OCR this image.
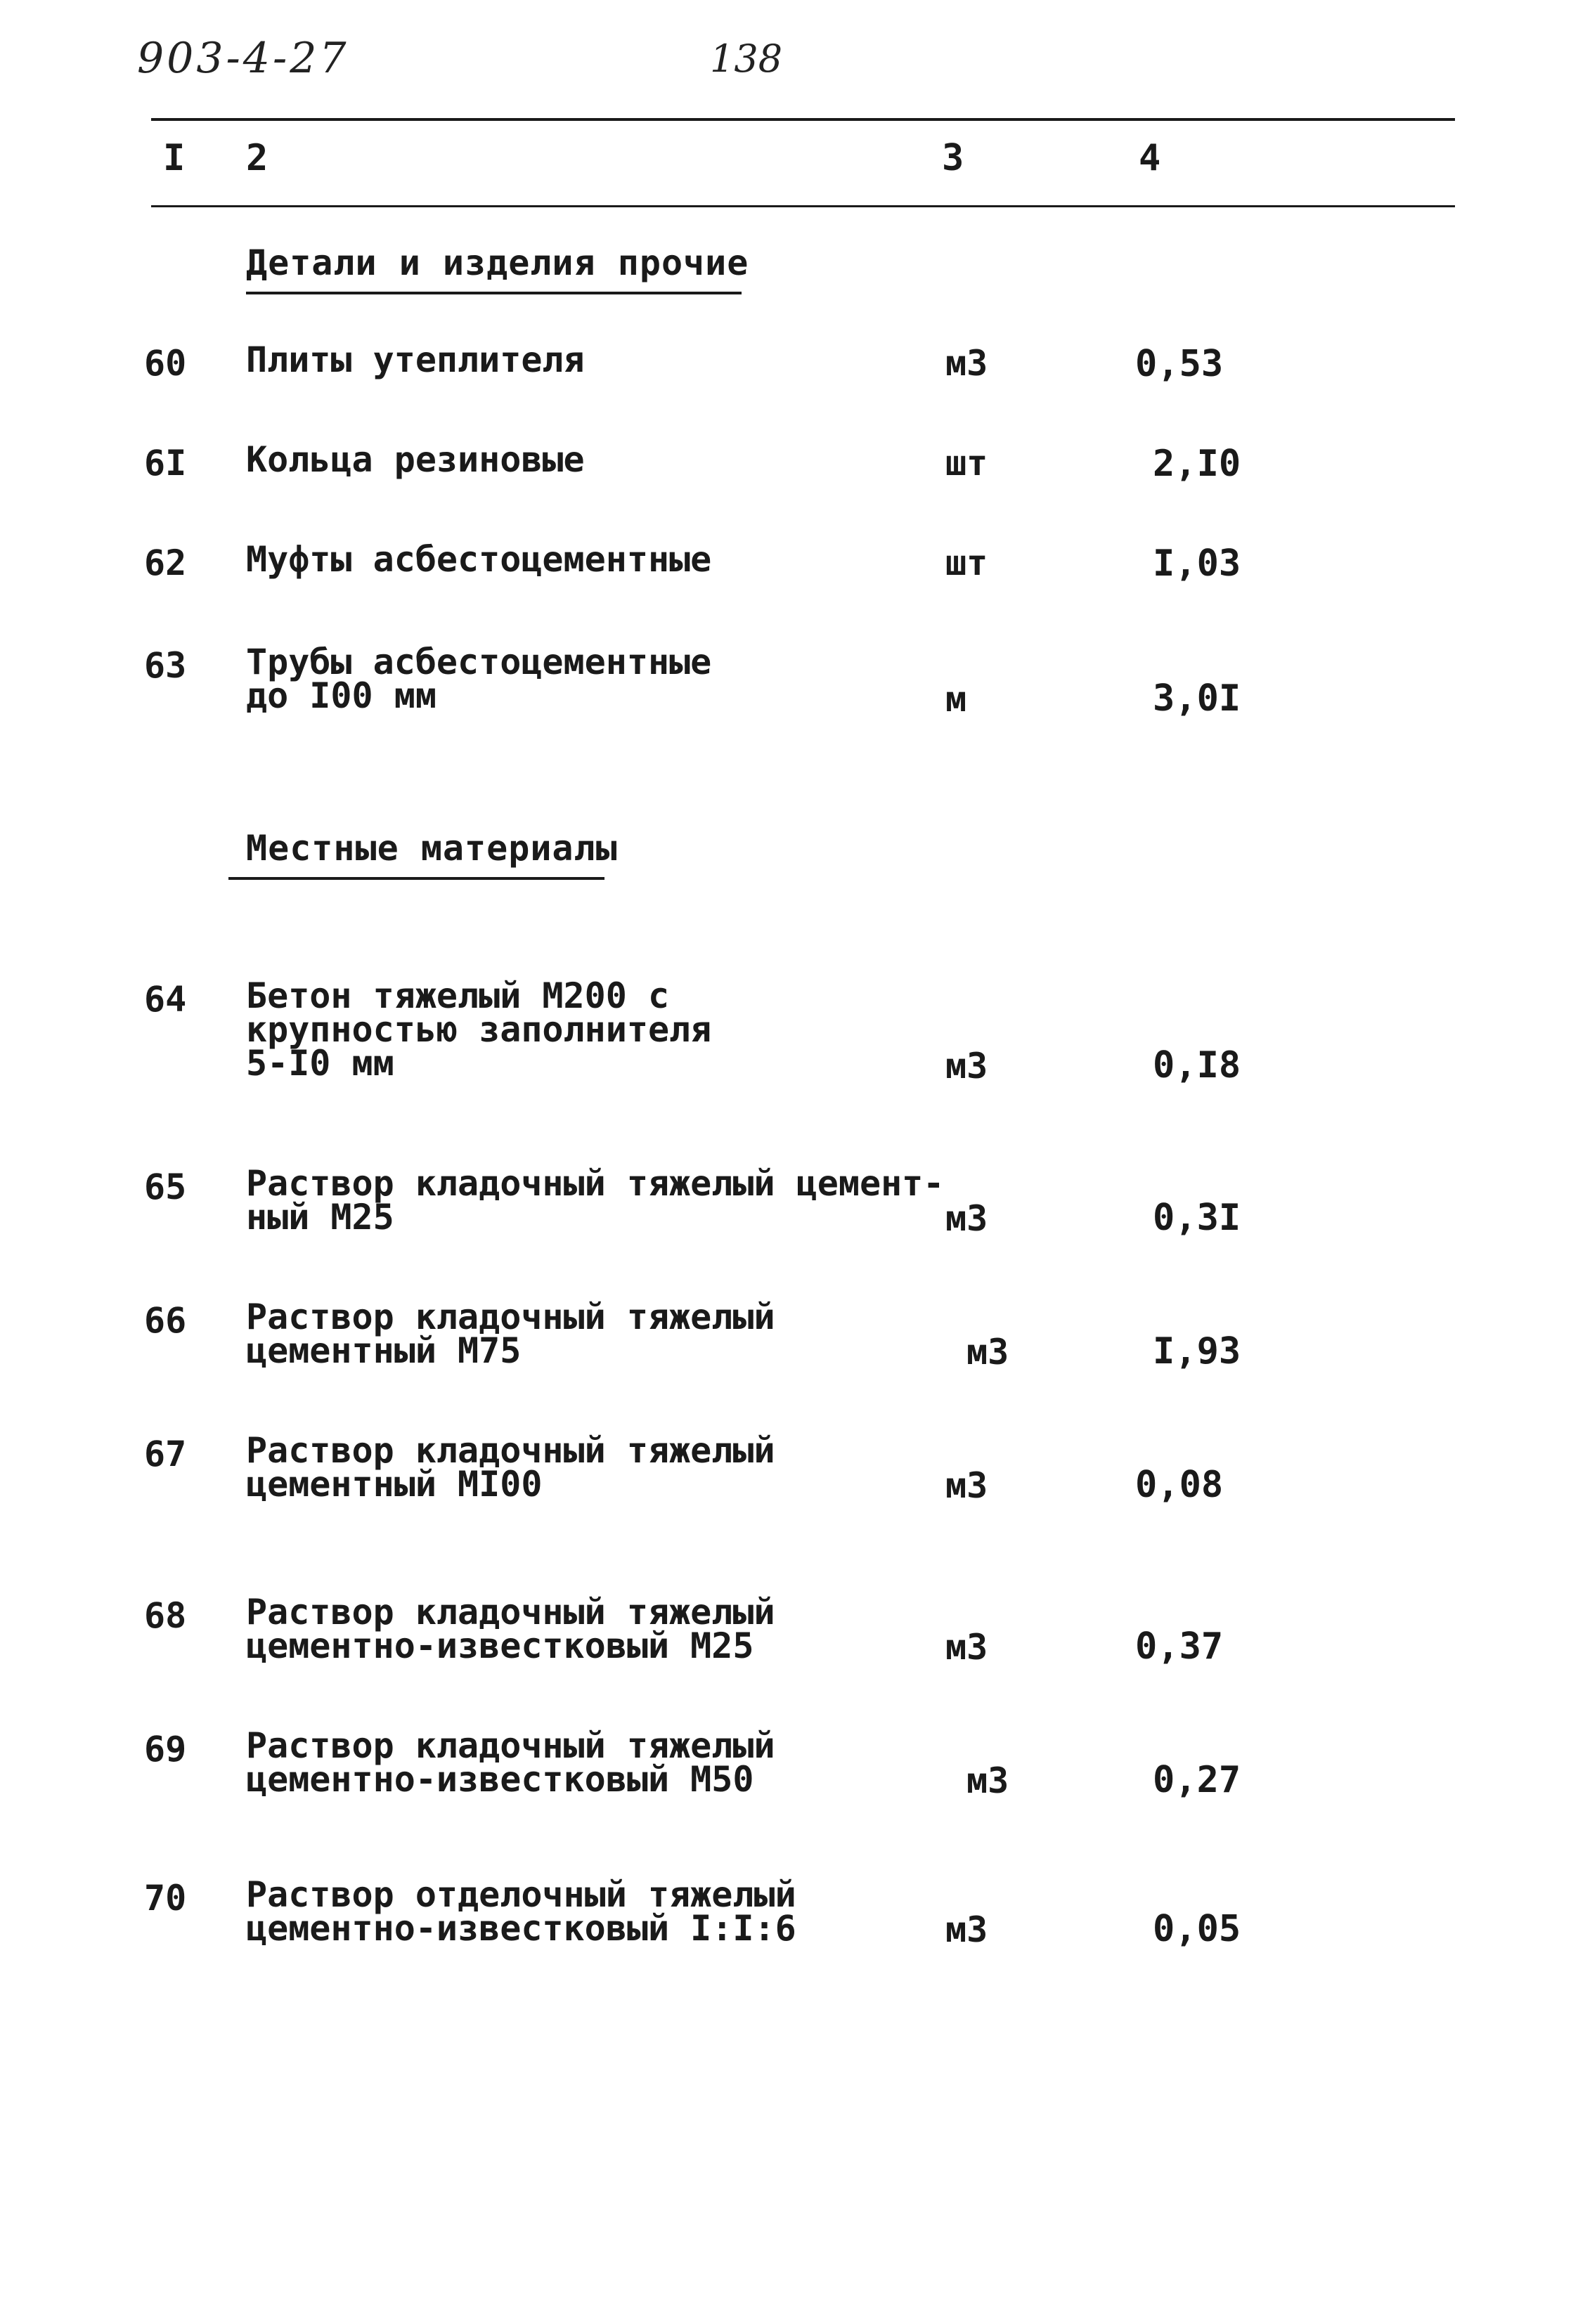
903-4-27	138
I 2	3	4
Детали и изделия прочие
60 Плиты утеплителя	м3	0,53
6I Кольца резиновые	шт	2,I0
62 Муфты асбестоцементные	шт	I,03
63 Трубы асбестоцементные
до I00 мм	м	3,0I
Местные материалы
64 Бетон тяжелый М200 с
крупностью заполнителя
5-I0 мм	м3	0,I8
65 Раствор кладочный тяжелый цемент-
ный М25	м3	0,3I
66 Раствор кладочный тяжелый
цементный М75	м3	I,93
67 Раствор кладочный тяжелый
цементный МI00	м3	0,08
68 Раствор кладочный тяжелый
цементно-известковый М25	м3	0,37
69 Раствор кладочный тяжелый
цементно-известковый М50	м3	0,27
70 Раствор отделочный тяжелый
цементно-известковый I:I:6	м3	0,05
